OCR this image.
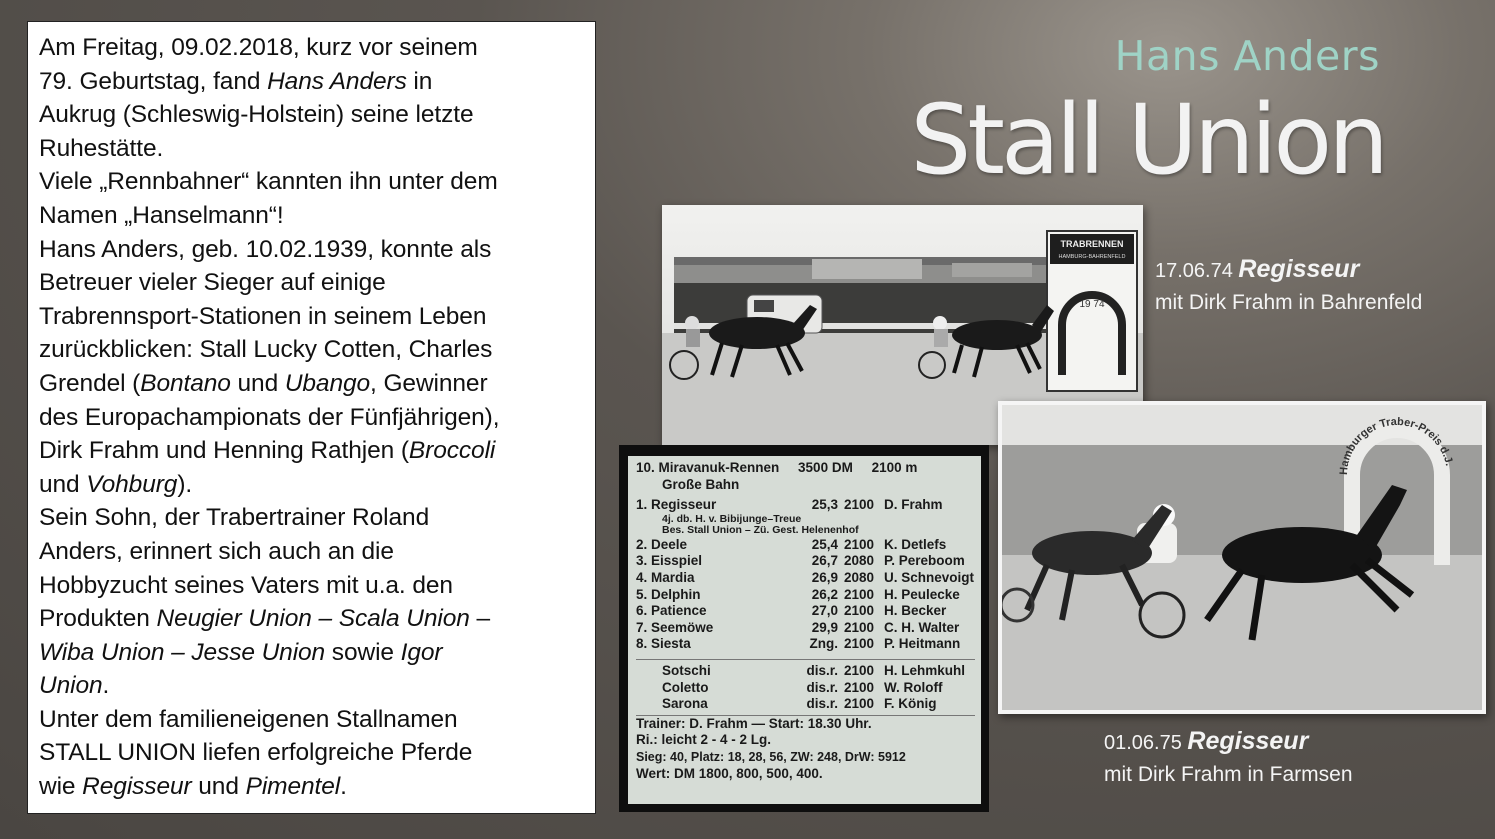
Am Freitag, 09.02.2018, kurz vor seinem
79. Geburtstag, fand Hans Anders in
Aukrug (Schleswig-Holstein) seine letzte
Ruhestätte.
Viele „Rennbahner“ kannten ihn unter dem
Namen „Hanselmann“!
Hans Anders, geb. 10.02.1939, konnte als
Betreuer vieler Sieger auf einige
Trabrennsport-Stationen in seinem Leben
zurückblicken: Stall Lucky Cotten, Charles
Grendel (Bontano und Ubango, Gewinner
des Europachampionats der Fünfjährigen),
Dirk Frahm und Henning Rathjen (Broccoli
und Vohburg).
Sein Sohn, der Trabertrainer Roland
Anders, erinnert sich auch an die
Hobbyzucht seines Vaters mit u.a. den
Produkten Neugier Union – Scala Union –
Wiba Union – Jesse Union sowie Igor
Union.
Unter dem familieneigenen Stallnamen
STALL UNION liefen erfolgreiche Pferde
wie Regisseur und Pimentel.

Hans Anders
Stall Union
TRABRENNEN
HAMBURG-BAHRENFELD
19 74
17.06.74 Regisseur
mit Dirk Frahm in Bahrenfeld
Hamburger Traber-Preis d.J.
01.06.75 Regisseur
mit Dirk Frahm in Farmsen
10. Miravanuk-Rennen     3500 DM     2100 m
Große Bahn
1. Regisseur	25,3 2100 D. Frahm
4j. db. H. v. Bibijunge–Treue
Bes. Stall Union – Zü. Gest. Helenenhof
2. Deele	25,4 2100 K. Detlefs
3. Eisspiel	26,7 2080 P. Pereboom
4. Mardia	26,9 2080 U. Schnevoigt
5. Delphin	26,2 2100 H. Peulecke
6. Patience	27,0 2100 H. Becker
7. Seemöwe	29,9 2100 C. H. Walter
8. Siesta	Zng. 2100 P. Heitmann
Sotschi	dis.r. 2100 H. Lehmkuhl
Coletto	dis.r. 2100 W. Roloff
Sarona	dis.r. 2100 F. König
Trainer: D. Frahm — Start: 18.30 Uhr.
Ri.: leicht 2 - 4 - 2 Lg.
Sieg: 40, Platz: 18, 28, 56, ZW: 248, DrW: 5912
Wert: DM 1800, 800, 500, 400.
